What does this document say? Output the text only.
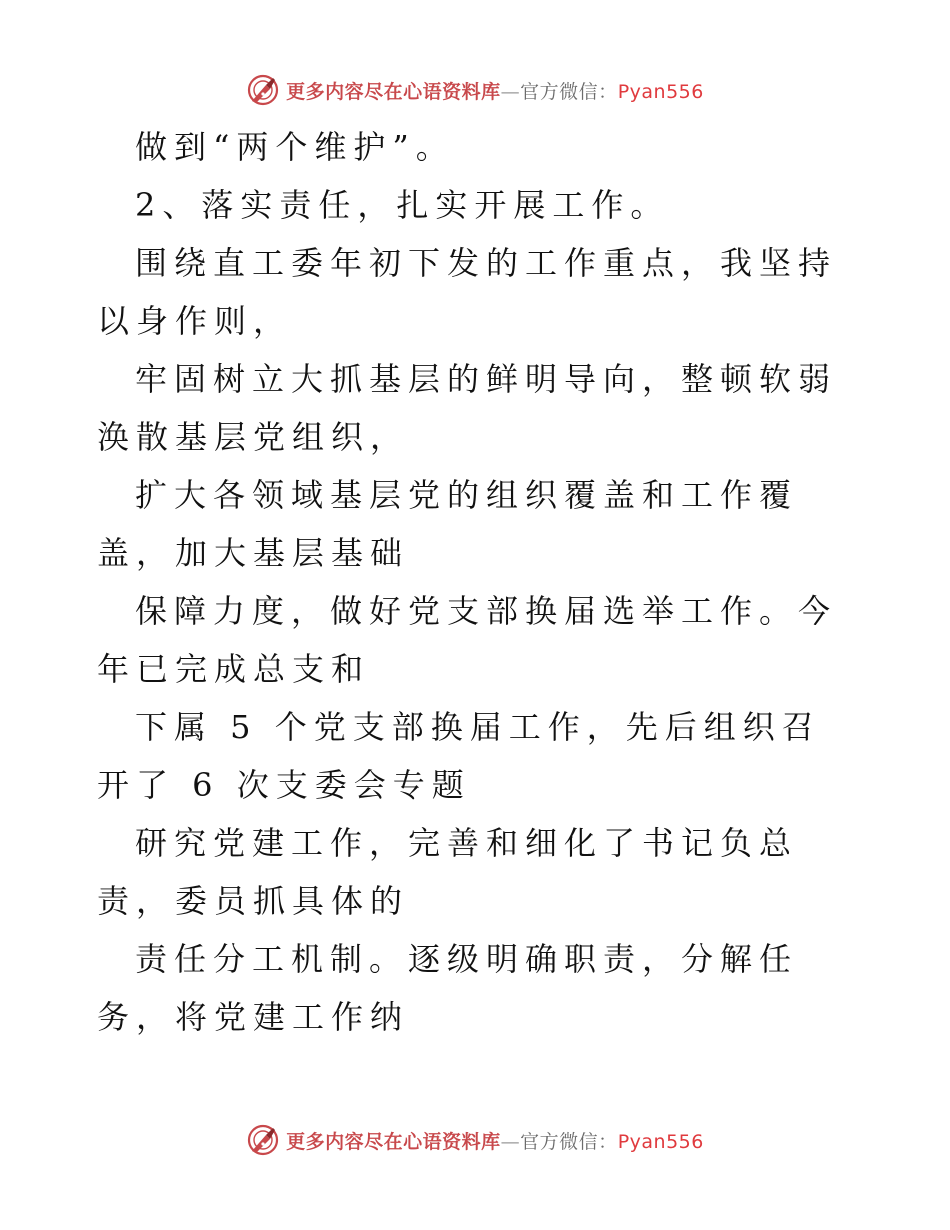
更多内容尽在心语资料库—官方微信：Pyan556

做到“两个维护”。

2、落实责任，扎实开展工作。

围绕直工委年初下发的工作重点，我坚持以身作则，

牢固树立大抓基层的鲜明导向，整顿软弱涣散基层党组织，

扩大各领域基层党的组织覆盖和工作覆盖，加大基层基础

保障力度，做好党支部换届选举工作。今年已完成总支和

下属 5 个党支部换届工作，先后组织召开了 6 次支委会专题

研究党建工作，完善和细化了书记负总责，委员抓具体的

责任分工机制。逐级明确职责，分解任务，将党建工作纳

更多内容尽在心语资料库—官方微信：Pyan556
